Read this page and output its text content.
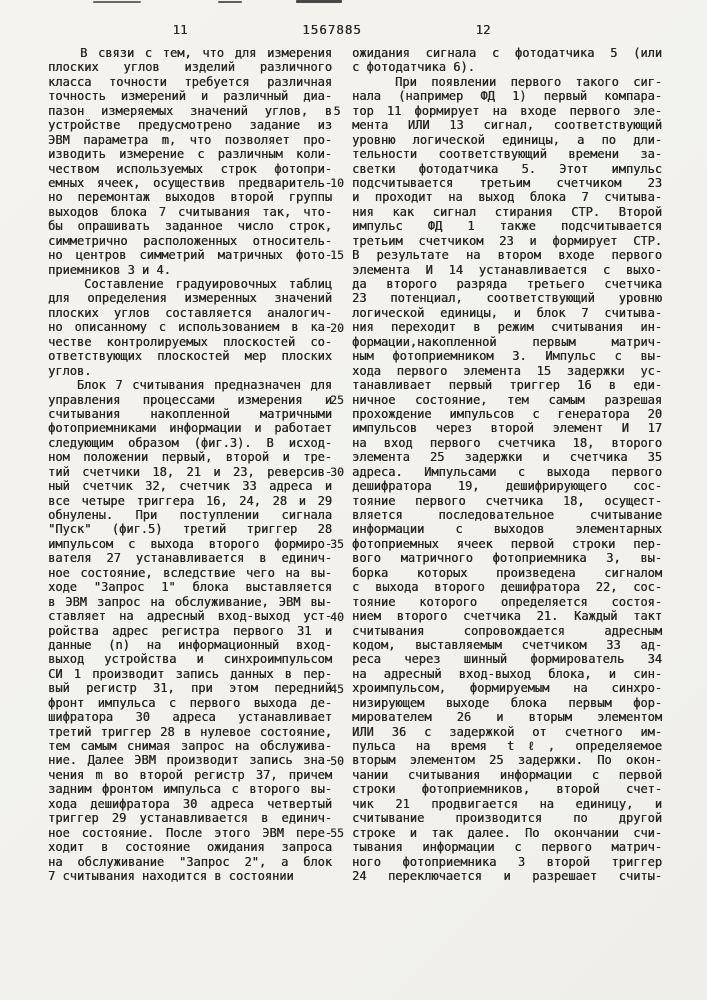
11	1567885	12
В связи с тем, что для измерения
плоских углов изделий различного
класса точности требуется различная
точность измерений и различный диа-
пазон измеряемых значений углов, в
устройстве предусмотрено задание из
ЭВМ параметра m, что позволяет про-
изводить измерение с различным коли-
чеством используемых строк фотопри-
емных ячеек, осуществив предваритель-
но перемонтаж выходов второй группы
выходов блока 7 считывания так, что-
бы опрашивать заданное число строк,
симметрично расположенных относитель-
но центров симметрий матричных фото-
приемников 3 и 4.
Составление градуировочных таблиц
для определения измеренных значений
плоских углов составляется аналогич-
но описанному с использованием в ка-
честве контролируемых плоскостей со-
ответствующих плоскостей мер плоских
углов.
Блок 7 считывания предназначен для
управления процессами измерения и
считывания накопленной матричными
фотоприемниками информации и работает
следующим образом (фиг.3). В исход-
ном положении первый, второй и тре-
тий счетчики 18, 21 и 23, реверсив-
ный счетчик 32, счетчик 33 адреса и
все четыре триггера 16, 24, 28 и 29
обнулены. При поступлении сигнала
"Пуск" (фиг.5) третий триггер 28
импульсом с выхода второго формиро-
вателя 27 устанавливается в единич-
ное состояние, вследствие чего на вы-
ходе "Запрос 1" блока выставляется
в ЭВМ запрос на обслуживание, ЭВМ вы-
ставляет на адресный вход-выход уст-
ройства адрес регистра первого 31 и
данные (n) на информационный вход-
выход устройства и синхроимпульсом
СИ 1 производит запись данных в пер-
вый регистр 31, при этом передний
фронт импульса с первого выхода де-
шифратора 30 адреса устанавливает
третий триггер 28 в нулевое состояние,
тем самым снимая запрос на обслужива-
ние. Далее ЭВМ производит запись зна-
чения m во второй регистр 37, причем
задним фронтом импульса с второго вы-
хода дешифратора 30 адреса четвертый
триггер 29 устанавливается в единич-
ное состояние. После этого ЭВМ пере-
ходит в состояние ожидания запроса
на обслуживание "Запрос 2", а блок
7 считывания находится в состоянии
5
10
15
20
25
30
35
40
45
50
55
ожидания сигнала с фотодатчика 5 (или
с фотодатчика 6).
При появлении первого такого сиг-
нала (например ФД 1) первый компара-
тор 11 формирует на входе первого эле-
мента ИЛИ 13 сигнал, соответствующий
уровню логической единицы, а по дли-
тельности соответствующий времени за-
светки фотодатчика 5. Этот импульс
подсчитывается третьим счетчиком 23
и проходит на выход блока 7 считыва-
ния как сигнал стирания СТР. Второй
импульс ФД 1 также подсчитывается
третьим счетчиком 23 и формирует СТР.
В результате на втором входе первого
элемента И 14 устанавливается с выхо-
да второго разряда третьего счетчика
23 потенциал, соответствующий уровню
логической единицы, и блок 7 считыва-
ния переходит в режим считывания ин-
формации,накопленной первым матрич-
ным фотоприемником 3. Импульс с вы-
хода первого элемента 15 задержки ус-
танавливает первый триггер 16 в еди-
ничное состояние, тем самым разрешая
прохождение импульсов с генератора 20
импульсов через второй элемент И 17
на вход первого счетчика 18, второго
элемента 25 задержки и счетчика 35
адреса. Импульсами с выхода первого
дешифратора 19, дешифрирующего сос-
тояние первого счетчика 18, осущест-
вляется последовательное считывание
информации с выходов элементарных
фотоприемных ячеек первой строки пер-
вого матричного фотоприемника 3, вы-
борка которых произведена сигналом
с выхода второго дешифратора 22, сос-
тояние которого определяется состоя-
нием второго счетчика 21. Каждый такт
считывания сопровождается адресным
кодом, выставляемым счетчиком 33 ад-
реса через шинный формирователь 34
на адресный вход-выход блока, и син-
хроимпульсом, формируемым на синхро-
низирующем выходе блока первым фор-
мирователем 26 и вторым элементом
ИЛИ 36 с задержкой от счетного им-
пульса на время tℓ, определяемое
вторым элементом 25 задержки. По окон-
чании считывания информации с первой
строки фотоприемников, второй счет-
чик 21 продвигается на единицу, и
считывание производится по другой
строке и так далее. По окончании счи-
тывания информации с первого матрич-
ного фотоприемника 3 второй триггер
24 переключается и разрешает считы-
